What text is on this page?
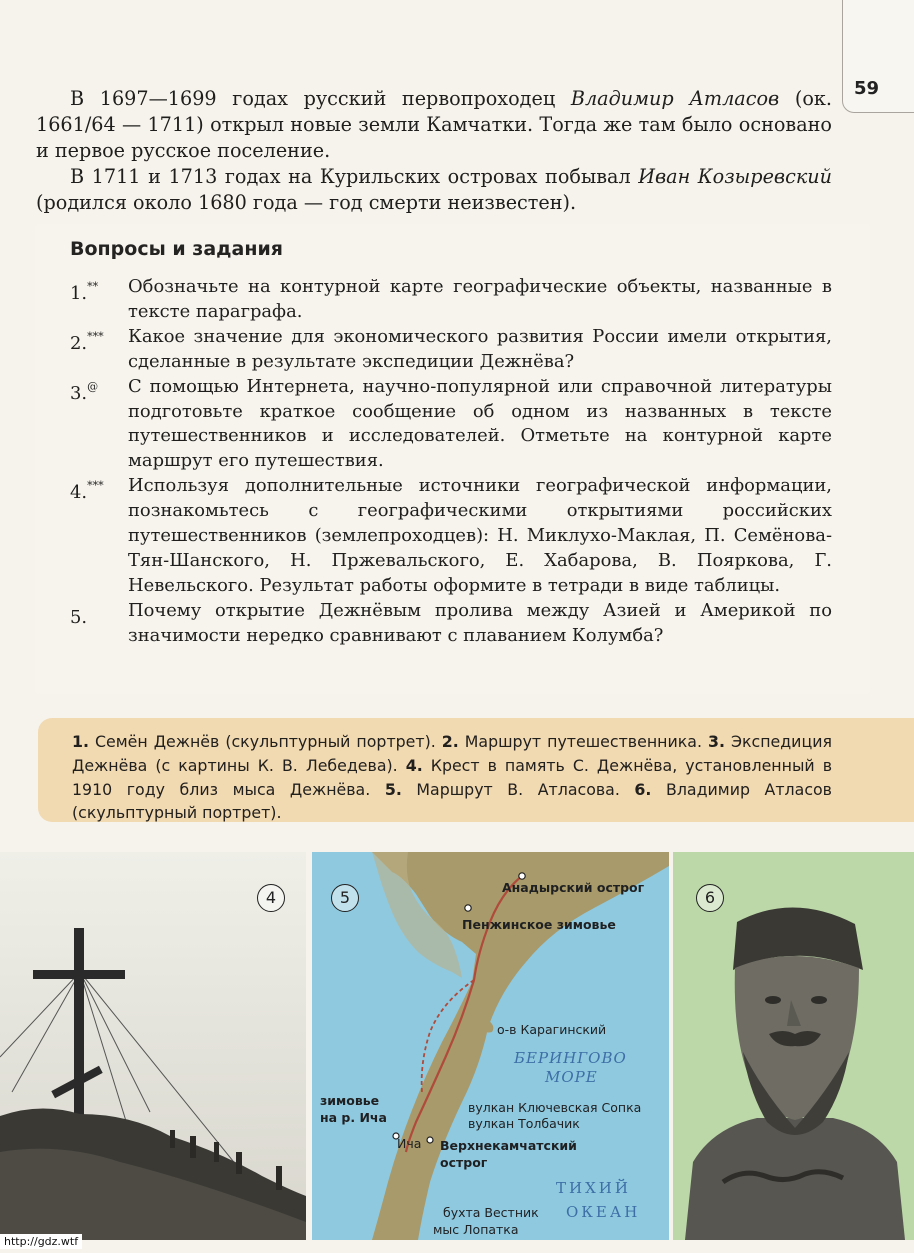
59

В 1697—1699 годах русский первопроходец Владимир Атласов (ок. 1661/64 — 1711) открыл новые земли Камчатки. Тогда же там было основано и первое русское поселение.

В 1711 и 1713 годах на Курильских островах побывал Иван Козыревский (родился около 1680 года — год смерти неизвестен).

Вопросы и задания
1.** Обозначьте на контурной карте географические объекты, названные в тексте параграфа.
2.*** Какое значение для экономического развития России имели открытия, сделанные в результате экспедиции Дежнёва?
3.@ С помощью Интернета, научно-популярной или справочной литературы подготовьте краткое сообщение об одном из названных в тексте путешественников и исследователей. Отметьте на контурной карте маршрут его путешествия.
4.*** Используя дополнительные источники географической информации, познакомьтесь с географическими открытиями российских путешественников (землепроходцев): Н. Миклухо-Маклая, П. Семёнова-Тян-Шанского, Н. Пржевальского, Е. Хабарова, В. Пояркова, Г. Невельского. Результат работы оформите в тетради в виде таблицы.
5. Почему открытие Дежнёвым пролива между Азией и Америкой по значимости нередко сравнивают с плаванием Колумба?
1. Семён Дежнёв (скульптурный портрет). 2. Маршрут путешественника. 3. Экспедиция Дежнёва (с картины К. В. Лебедева). 4. Крест в память С. Дежнёва, установленный в 1910 году близ мыса Дежнёва. 5. Маршрут В. Атласова. 6. Владимир Атласов (скульптурный портрет).
4	5
Анадырский острог
Пенжинское зимовье
о-в Карагинский
БЕРИНГОВО
МОРЕ
зимовье
на р. Ича
вулкан Ключевская Сопка
вулкан Толбачик
Ича Верхнекамчатский
острог
ТИХИЙ
ОКЕАН
бухта Вестник
мыс Лопатка
6
http://gdz.wtf
